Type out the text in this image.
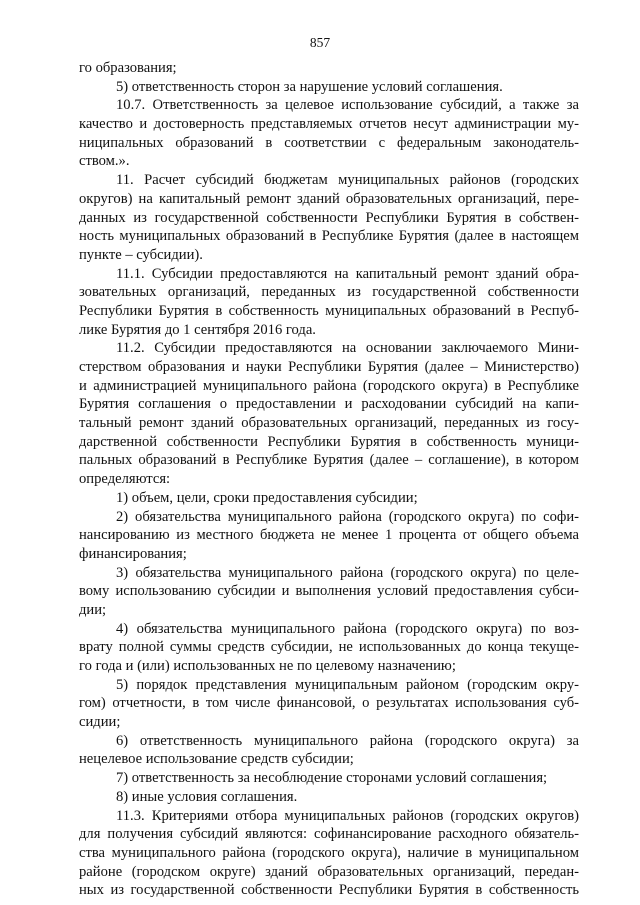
857
го образования;
5) ответственность сторон за нарушение условий соглашения.
10.7. Ответственность за целевое использование субсидий, а также за
качество и достоверность представляемых отчетов несут администрации му-
ниципальных образований в соответствии с федеральным законодатель-
ством.».
11. Расчет субсидий бюджетам муниципальных районов (городских
округов) на капитальный ремонт зданий образовательных организаций, пере-
данных из государственной собственности Республики Бурятия в собствен-
ность муниципальных образований в Республике Бурятия (далее в настоящем
пункте – субсидии).
11.1. Субсидии предоставляются на капитальный ремонт зданий обра-
зовательных организаций, переданных из государственной собственности
Республики Бурятия в собственность муниципальных образований в Респуб-
лике Бурятия до 1 сентября 2016 года.
11.2. Субсидии предоставляются на основании заключаемого Мини-
стерством образования и науки Республики Бурятия (далее – Министерство)
и администрацией муниципального района (городского округа) в Республике
Бурятия соглашения о предоставлении и расходовании субсидий на капи-
тальный ремонт зданий образовательных организаций, переданных из госу-
дарственной собственности Республики Бурятия в собственность муници-
пальных образований в Республике Бурятия (далее – соглашение), в котором
определяются:
1) объем, цели, сроки предоставления субсидии;
2) обязательства муниципального района (городского округа) по софи-
нансированию из местного бюджета не менее 1 процента от общего объема
финансирования;
3) обязательства муниципального района (городского округа) по целе-
вому использованию субсидии и выполнения условий предоставления субси-
дии;
4) обязательства муниципального района (городского округа) по воз-
врату полной суммы средств субсидии, не использованных до конца текуще-
го года и (или) использованных не по целевому назначению;
5) порядок представления муниципальным районом (городским окру-
гом) отчетности, в том числе финансовой, о результатах использования суб-
сидии;
6) ответственность муниципального района (городского округа) за
нецелевое использование средств субсидии;
7) ответственность за несоблюдение сторонами условий соглашения;
8) иные условия соглашения.
11.3. Критериями отбора муниципальных районов (городских округов)
для получения субсидий являются: софинансирование расходного обязатель-
ства муниципального района (городского округа), наличие в муниципальном
районе (городском округе) зданий образовательных организаций, передан-
ных из государственной собственности Республики Бурятия в собственность
